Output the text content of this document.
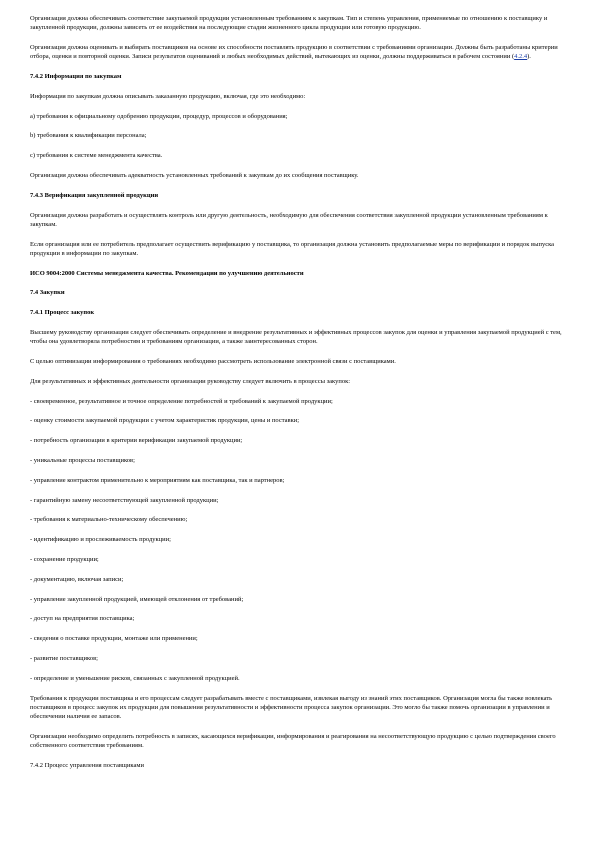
Организация должна обеспечивать соответствие закупаемой продукции установленным требованиям к закупкам. Тип и степень управления, применяемые по отношению к поставщику и закупленной продукции, должны зависеть от ее воздействия на последующие стадии жизненного цикла продукции или готовую продукцию.
Организация должна оценивать и выбирать поставщиков на основе их способности поставлять продукцию в соответствии с требованиями организации. Должны быть разработаны критерии отбора, оценки и повторной оценки. Записи результатов оцениваний и любых необходимых действий, вытекающих из оценки, должны поддерживаться в рабочем состоянии (4.2.4).
7.4.2 Информация по закупкам
Информация по закупкам должна описывать заказанную продукцию, включая, где это необходимо:
a) требования к официальному одобрению продукции, процедур, процессов и оборудования;
b) требования к квалификации персонала;
c) требования к системе менеджмента качества.
Организация должна обеспечивать адекватность установленных требований к закупкам до их сообщения поставщику.
7.4.3 Верификация закупленной продукции
Организация должна разработать и осуществлять контроль или другую деятельность, необходимую для обеспечения соответствия закупленной продукции установленным требованиям к закупкам.
Если организация или ее потребитель предполагает осуществить верификацию у поставщика, то организация должна установить предполагаемые меры по верификации и порядок выпуска продукции в информации по закупкам.
ИСО 9004:2000 Системы менеджмента качества. Рекомендации по улучшению деятельности
7.4 Закупки
7.4.1 Процесс закупок
Высшему руководству организации следует обеспечивать определение и внедрение результативных и эффективных процессов закупок для оценки и управления закупаемой продукцией с тем, чтобы она удовлетворяла потребностям и требованиям организации, а также заинтересованных сторон.
С целью оптимизации информирования о требованиях необходимо рассмотреть использование электронной связи с поставщиками.
Для результативных и эффективных деятельности организации руководству следует включить в процессы закупок:
- своевременное, результативное и точное определение потребностей и требований к закупаемой продукции;
- оценку стоимости закупаемой продукции с учетом характеристик продукции, цены и поставки;
- потребность организации в критерии верификации закупаемой продукции;
- уникальные процессы поставщиков;
- управление контрактом применительно к мероприятиям как поставщика, так и партнеров;
- гарантийную замену несоответствующей закупленной продукции;
- требования к материально-техническому обеспечению;
- идентификацию и прослеживаемость продукции;
- сохранение продукции;
- документацию, включая записи;
- управление закупленной продукцией, имеющей отклонения от требований;
- доступ на предприятия поставщика;
- сведения о поставке продукции, монтаже или применении;
- развитие поставщиков;
- определение и уменьшение рисков, связанных с закупленной продукцией.
Требования к продукции поставщика и его процессам следует разрабатывать вместе с поставщиками, извлекая выгоду из знаний этих поставщиков. Организация могла бы также вовлекать поставщиков в процесс закупок их продукции для повышения результативности и эффективности процесса закупок организации. Это могло бы также помочь организации в управлении и обеспечении наличия ее запасов.
Организации необходимо определить потребность в записях, касающихся верификации, информирования и реагирования на несоответствующую продукцию с целью подтверждения своего собственного соответствия требованиям.
7.4.2 Процесс управления поставщиками
